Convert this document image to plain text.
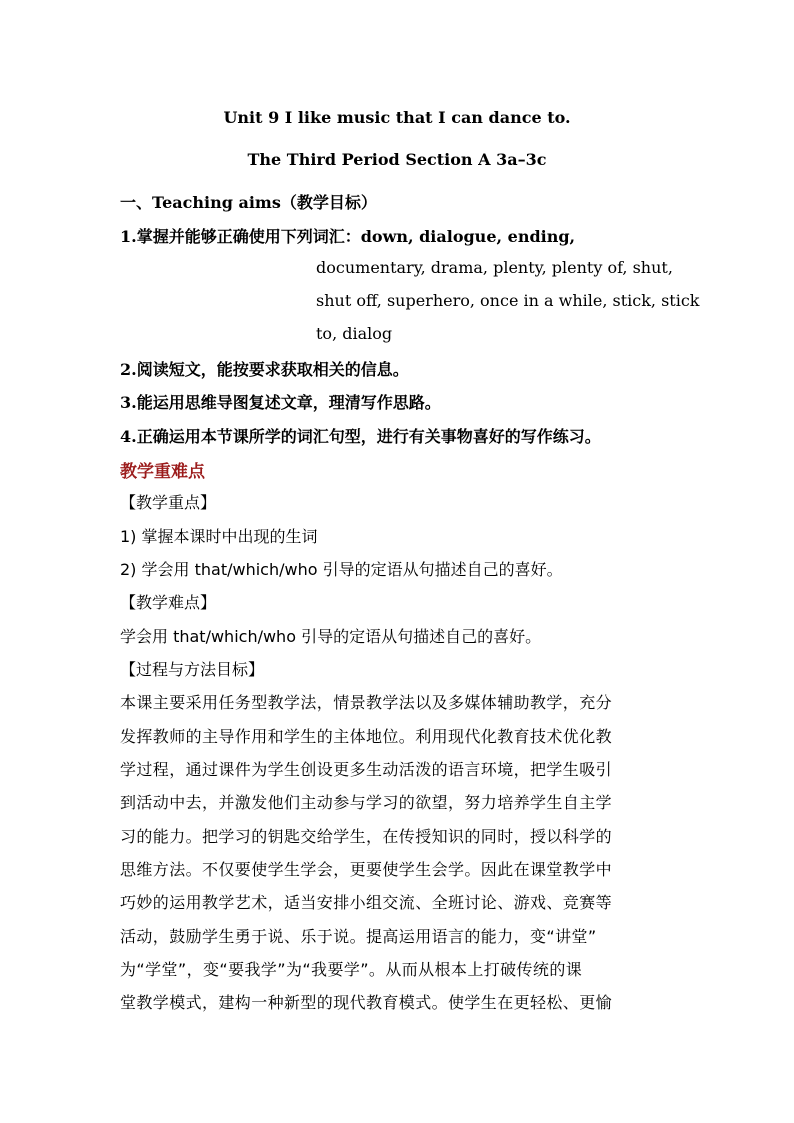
Unit 9 I like music that I can dance to.
The Third Period Section A 3a–3c
一、Teaching aims（教学目标）
1.掌握并能够正确使用下列词汇：down, dialogue, ending,
documentary, drama, plenty, plenty of, shut,
shut off, superhero, once in a while, stick, stick
to, dialog
2.阅读短文，能按要求获取相关的信息。
3.能运用思维导图复述文章，理清写作思路。
4.正确运用本节课所学的词汇句型，进行有关事物喜好的写作练习。
教学重难点
【教学重点】
1) 掌握本课时中出现的生词
2) 学会用 that/which/who 引导的定语从句描述自己的喜好。
【教学难点】
学会用 that/which/who 引导的定语从句描述自己的喜好。
【过程与方法目标】
本课主要采用任务型教学法，情景教学法以及多媒体辅助教学，充分
发挥教师的主导作用和学生的主体地位。利用现代化教育技术优化教
学过程，通过课件为学生创设更多生动活泼的语言环境，把学生吸引
到活动中去，并激发他们主动参与学习的欲望，努力培养学生自主学
习的能力。把学习的钥匙交给学生，在传授知识的同时，授以科学的
思维方法。不仅要使学生学会，更要使学生会学。因此在课堂教学中
巧妙的运用教学艺术，适当安排小组交流、全班讨论、游戏、竞赛等
活动，鼓励学生勇于说、乐于说。提高运用语言的能力，变“讲堂”
为“学堂”，变“要我学”为“我要学”。从而从根本上打破传统的课
堂教学模式，建构一种新型的现代教育模式。使学生在更轻松、更愉
